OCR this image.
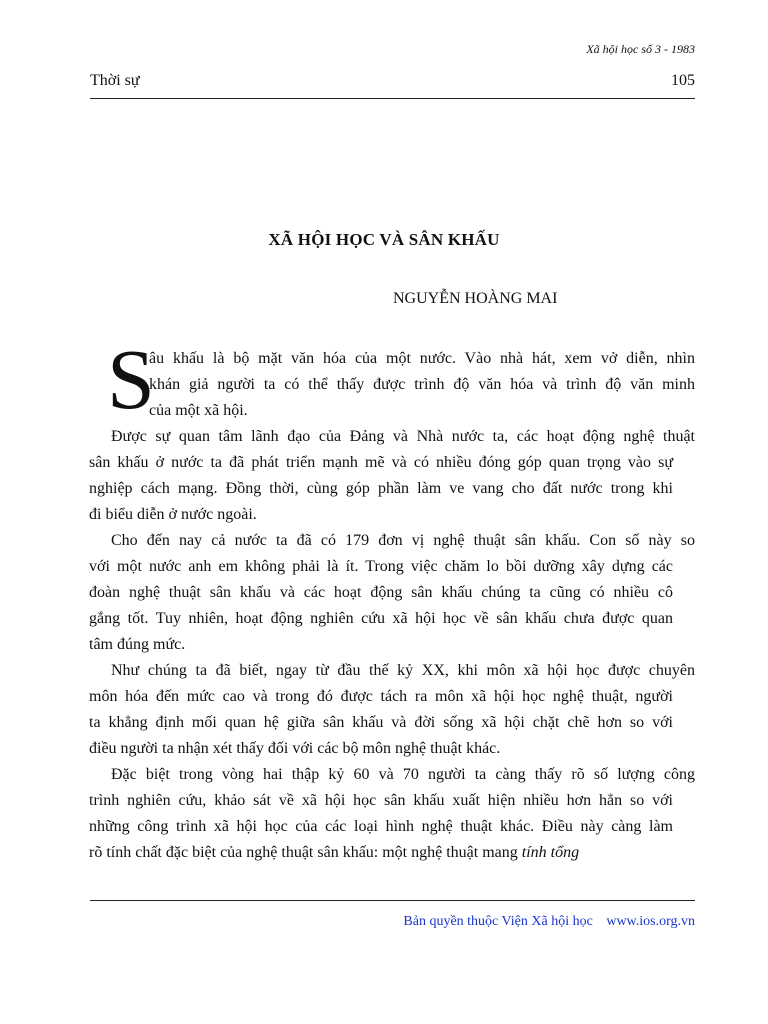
Xã hội học số 3 - 1983
Thời sự	105
XÃ HỘI HỌC VÀ SÂN KHẤU
NGUYỄN HOÀNG MAI
S
âu khấu là bộ mặt văn hóa của một nước. Vào nhà hát, xem vở diễn, nhìn
khán giả người ta có thể thấy được trình độ văn hóa và trình độ văn minh
của một xã hội.
Được sự quan tâm lãnh đạo của Đảng và Nhà nước ta, các hoạt động nghệ thuật
sân khấu ở nước ta đã phát triển mạnh mẽ và có nhiều đóng góp quan trọng vào sự
nghiệp cách mạng. Đồng thời, cùng góp phần làm ve vang cho đất nước trong khi
đi biểu diễn ở nước ngoài.
Cho đến nay cả nước ta đã có 179 đơn vị nghệ thuật sân khấu. Con số này so
với một nước anh em không phải là ít. Trong việc chăm lo bồi dưỡng xây dựng các
đoàn nghệ thuật sân khấu và các hoạt động sân khấu chúng ta cũng có nhiều cô
gắng tốt. Tuy nhiên, hoạt động nghiên cứu xã hội học về sân khấu chưa được quan
tâm đúng mức.
Như chúng ta đã biết, ngay từ đầu thế kỷ XX, khi môn xã hội học được chuyên
môn hóa đến mức cao và trong đó được tách ra môn xã hội học nghệ thuật, người
ta khẳng định mối quan hệ giữa sân khấu và đời sống xã hội chặt chẽ hơn so với
điều người ta nhận xét thấy đối với các bộ môn nghệ thuật khác.
Đặc biệt trong vòng hai thập kỷ 60 và 70 người ta càng thấy rõ số lượng công
trình nghiên cứu, khảo sát về xã hội học sân khấu xuất hiện nhiều hơn hẳn so với
những công trình xã hội học của các loại hình nghệ thuật khác. Điều này càng làm
rõ tính chất đặc biệt của nghệ thuật sân khấu: một nghệ thuật mang tính tổng
Bản quyền thuộc Viện Xã hội học www.ios.org.vn
